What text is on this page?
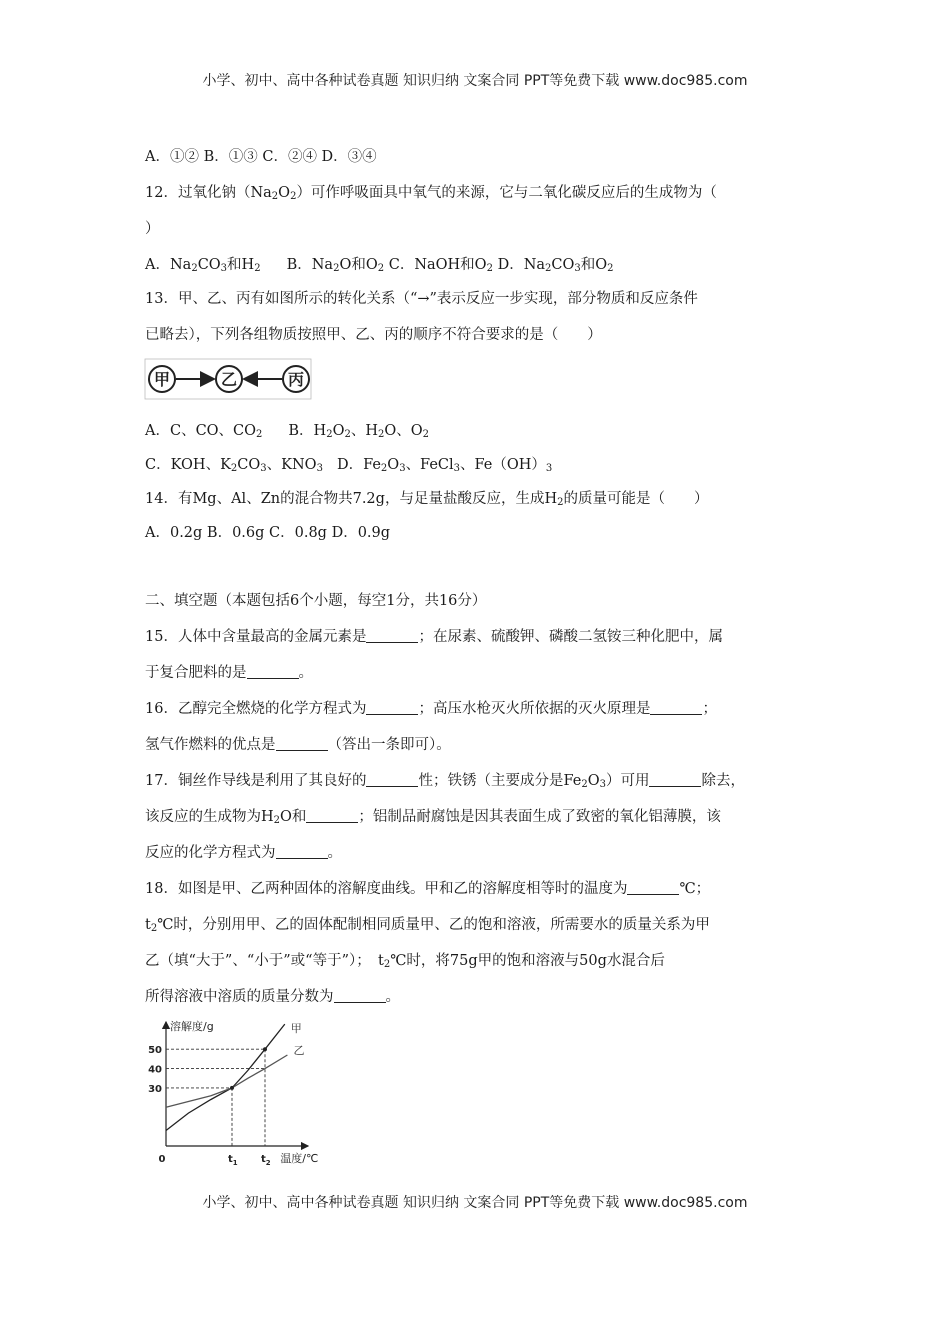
小学、初中、高中各种试卷真题 知识归纳 文案合同 PPT等免费下载 www.doc985.com
A．①② B．①③ C．②④ D．③④
12．过氧化钠$(Na_2O_2)$可作呼吸面具中氧气的来源，它与二氧化碳反应后的生成物为（
）
A．$Na_2CO_3$和$H_2$ B．$Na_2O$和$O_2$ C．NaOH和$O_2$ D．$Na_2CO_3$和$O_2$
13．甲、乙、丙有如图所示的转化关系（“→”表示反应一步实现，部分物质和反应条件
已略去），下列各组物质按照甲、乙、丙的顺序不符合要求的是（　　）
甲	乙	丙
A．C、CO、$CO_2$ B．$H_2O_2$、$H_2O$、$O_2$
C．KOH、$K_2CO_3$、$KNO_3$ D．$Fe_2O_3$、FeCl$_3$、$Fe(OH)_3$
14．有Mg、Al、Zn的混合物共7.2g，与足量盐酸反应，生成$H_2$的质量可能是（　　）
A．0.2g B．0.6g C．0.8g D．0.9g
二、填空题（本题包括6个小题，每空1分，共16分）
15．人体中含量最高的金属元素是	；在尿素、硫酸钾、磷酸二氢铵三种化肥中，属
于复合肥料的是	。
16．乙醇完全燃烧的化学方程式为	；高压水枪灭火所依据的灭火原理是	；
氢气作燃料的优点是	（答出一条即可）。
17．铜丝作导线是利用了其良好的	性；铁锈（主要成分是$Fe_2O_3$）可用	除去，
该反应的生成物为$H_2O$和	；铝制品耐腐蚀是因其表面生成了致密的氧化铝薄膜，该
反应的化学方程式为	。
18．如图是甲、乙两种固体的溶解度曲线。甲和乙的溶解度相等时的温度为	℃；
$t_2℃$时，分别用甲、乙的固体配制相同质量甲、乙的饱和溶液，所需要水的质量关系为甲
乙（填“大于”、“小于”或“等于”）；　$t_2℃$时，将75g甲的饱和溶液与50g水混合后
所得溶液中溶质的质量分数为	。
溶解度/g
温度/℃
0
30
40
50
$t_1$ $t_2$
甲
乙
小学、初中、高中各种试卷真题 知识归纳 文案合同 PPT等免费下载 www.doc985.com
